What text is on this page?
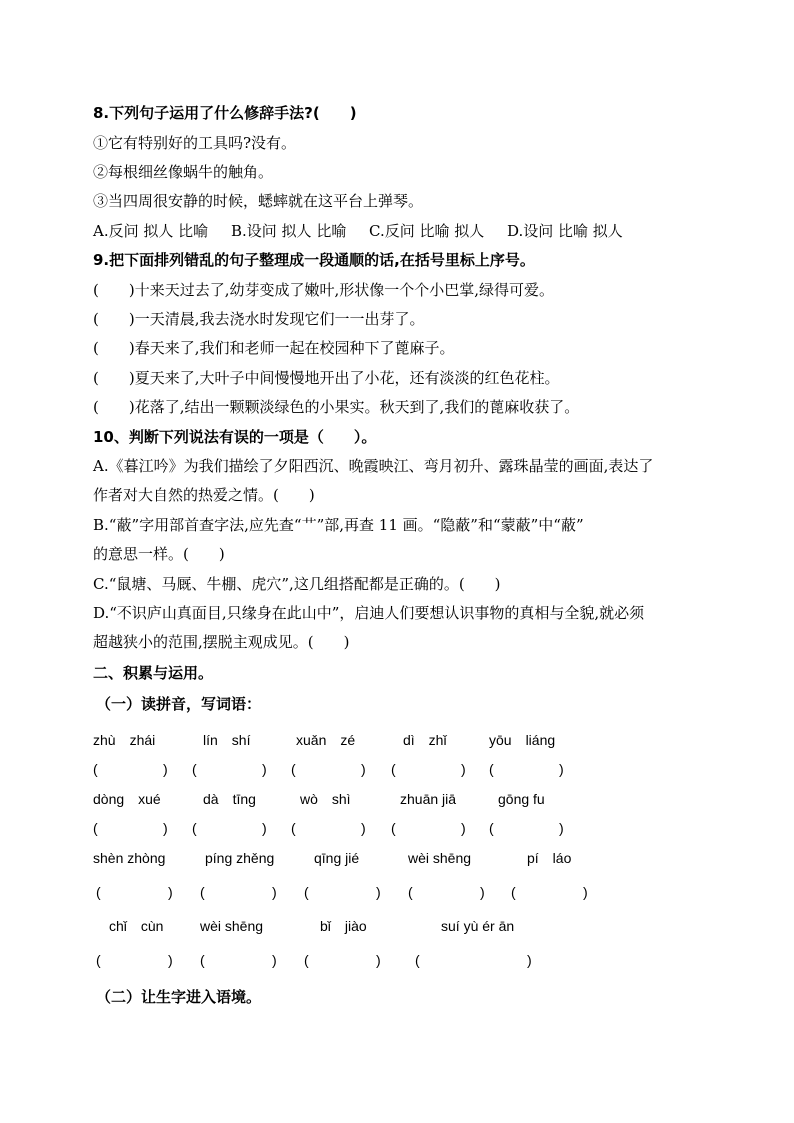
8.下列句子运用了什么修辞手法?(　　)
①它有特别好的工具吗?没有。
②每根细丝像蜗牛的触角。
③当四周很安静的时候，蟋蟀就在这平台上弹琴。
A.反问 拟人 比喻 B.设问 拟人 比喻 C.反问 比喻 拟人 D.设问 比喻 拟人
9.把下面排列错乱的句子整理成一段通顺的话,在括号里标上序号。
(　　)十来天过去了,幼芽变成了嫩叶,形状像一个个小巴掌,绿得可爱。
(　　)一天清晨,我去浇水时发现它们一一出芽了。
(　　)春天来了,我们和老师一起在校园种下了蓖麻子。
(　　)夏天来了,大叶子中间慢慢地开出了小花，还有淡淡的红色花柱。
(　　)花落了,结出一颗颗淡绿色的小果实。秋天到了,我们的蓖麻收获了。
10、判断下列说法有误的一项是（　　）。
A.《暮江吟》为我们描绘了夕阳西沉、晚霞映江、弯月初升、露珠晶莹的画面,表达了
作者对大自然的热爱之情。(　　)
B.“蔽”字用部首查字法,应先查“艹”部,再查 11 画。“隐蔽”和“蒙蔽”中“蔽”
的意思一样。(　　)
C.“鼠塘、马厩、牛棚、虎穴”,这几组搭配都是正确的。(　　)
D.“不识庐山真面目,只缘身在此山中”，启迪人们要想认识事物的真相与全貌,就必须
超越狭小的范围,摆脱主观成见。(　　)
二、积累与运用。
（一）读拼音，写词语：
zhù　zhái	lín　shí	xuǎn　zé	dì　zhǐ	yōu　liáng
(	) (	) (	) (	) (	)
dòng　xué	dà　tīng	wò　shì	zhuān jiā	gōng fu
(	) (	) (	) (	) (	)
shèn zhòng	píng zhěng	qīng jié	wèi shēng	pí　láo
(	) (	) (	) (	) (	)
chǐ　cùn	wèi shēng	bǐ　jiào	suí yù ér ān
(	) (	) (	) (	)
（二）让生字进入语境。
